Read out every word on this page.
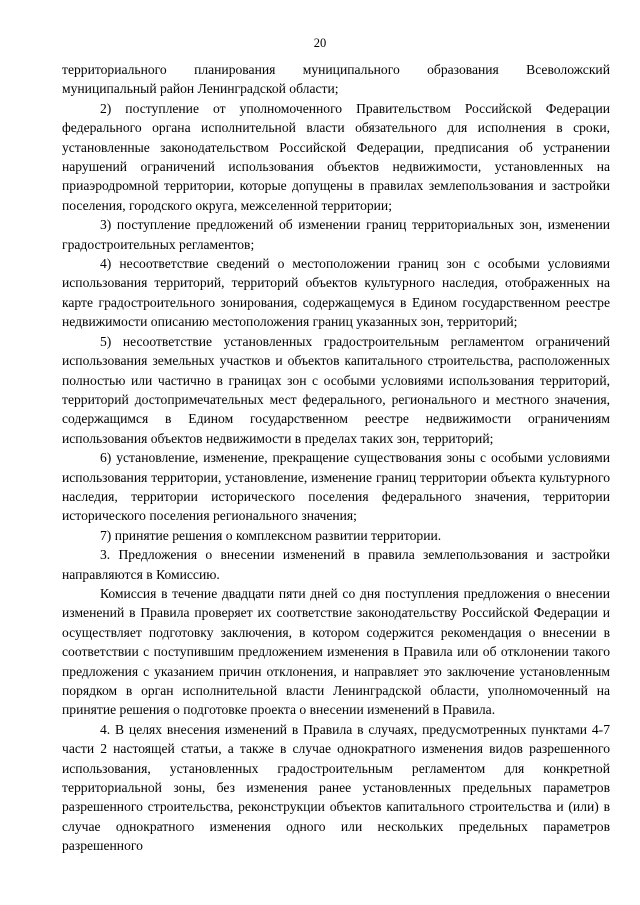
20

территориального планирования муниципального образования Всеволожский муниципальный район Ленинградской области;

2) поступление от уполномоченного Правительством Российской Федерации федерального органа исполнительной власти обязательного для исполнения в сроки, установленные законодательством Российской Федерации, предписания об устранении нарушений ограничений использования объектов недвижимости, установленных на приаэродромной территории, которые допущены в правилах землепользования и застройки поселения, городского округа, межселенной территории;

3) поступление предложений об изменении границ территориальных зон, изменении градостроительных регламентов;

4) несоответствие сведений о местоположении границ зон с особыми условиями использования территорий, территорий объектов культурного наследия, отображенных на карте градостроительного зонирования, содержащемуся в Едином государственном реестре недвижимости описанию местоположения границ указанных зон, территорий;

5) несоответствие установленных градостроительным регламентом ограничений использования земельных участков и объектов капитального строительства, расположенных полностью или частично в границах зон с особыми условиями использования территорий, территорий достопримечательных мест федерального, регионального и местного значения, содержащимся в Едином государственном реестре недвижимости ограничениям использования объектов недвижимости в пределах таких зон, территорий;

6) установление, изменение, прекращение существования зоны с особыми условиями использования территории, установление, изменение границ территории объекта культурного наследия, территории исторического поселения федерального значения, территории исторического поселения регионального значения;

7) принятие решения о комплексном развитии территории.

3. Предложения о внесении изменений в правила землепользования и застройки направляются в Комиссию.

Комиссия в течение двадцати пяти дней со дня поступления предложения о внесении изменений в Правила проверяет их соответствие законодательству Российской Федерации и осуществляет подготовку заключения, в котором содержится рекомендация о внесении в соответствии с поступившим предложением изменения в Правила или об отклонении такого предложения с указанием причин отклонения, и направляет это заключение установленным порядком в орган исполнительной власти Ленинградской области, уполномоченный на принятие решения о подготовке проекта о внесении изменений в Правила.

4. В целях внесения изменений в Правила в случаях, предусмотренных пунктами 4-7 части 2 настоящей статьи, а также в случае однократного изменения видов разрешенного использования, установленных градостроительным регламентом для конкретной территориальной зоны, без изменения ранее установленных предельных параметров разрешенного строительства, реконструкции объектов капитального строительства и (или) в случае однократного изменения одного или нескольких предельных параметров разрешенного
